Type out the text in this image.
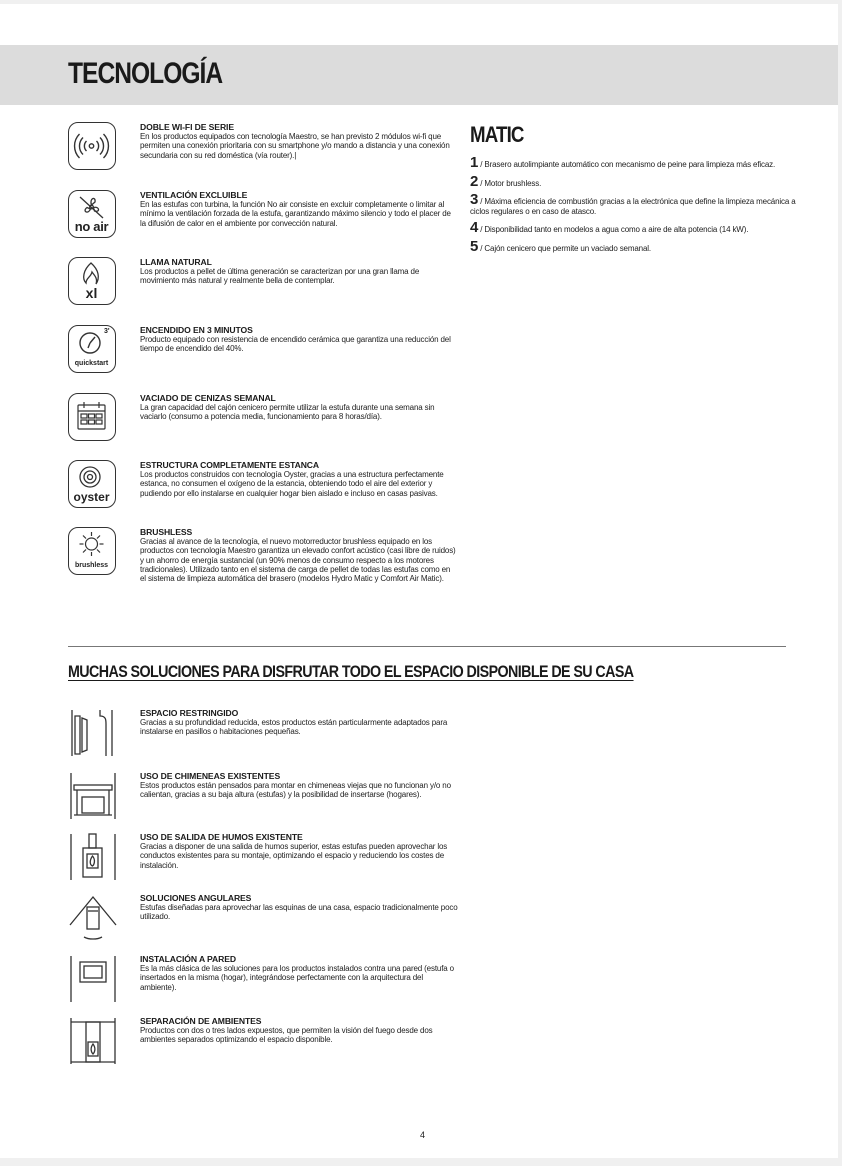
TECNOLOGÍA
DOBLE WI-FI DE SERIE
En los productos equipados con tecnología Maestro, se han previsto 2 módulos wi-fi que permiten una conexión prioritaria con su smartphone y/o mando a distancia y una conexión secundaria con su red doméstica (vía router).|
no air
VENTILACIÓN EXCLUIBLE
En las estufas con turbina, la función No air consiste en excluir completamente o limitar al mínimo la ventilación forzada de la estufa, garantizando máximo silencio y todo el placer de la difusión de calor en el ambiente por convección natural.
xl
LLAMA NATURAL
Los productos a pellet de última generación se caracterizan por una gran llama de movimiento más natural y realmente bella de contemplar.
3'
quickstart
ENCENDIDO EN 3 MINUTOS
Producto equipado con resistencia de encendido cerámica que garantiza una reducción del tiempo de encendido del 40%.
VACIADO DE CENIZAS SEMANAL
La gran capacidad del cajón cenicero permite utilizar la estufa durante una semana sin vaciarlo (consumo a potencia media, funcionamiento para 8 horas/día).
oyster
ESTRUCTURA COMPLETAMENTE ESTANCA
Los productos construidos con tecnología Oyster, gracias a una estructura perfectamente estanca, no consumen el oxígeno de la estancia, obteniendo todo el aire del exterior y pudiendo por ello instalarse en cualquier hogar bien aislado e incluso en casas pasivas.
brushless
BRUSHLESS
Gracias al avance de la tecnología, el nuevo motorreductor brushless equipado en los productos con tecnología Maestro garantiza un elevado confort acústico (casi libre de ruidos) y un ahorro de energía sustancial (un 90% menos de consumo respecto a los motores tradicionales). Utilizado tanto en el sistema de carga de pellet de todas las estufas como en el sistema de limpieza automática del brasero (modelos Hydro Matic y Comfort Air Matic).
MATIC
1 / Brasero autolimpiante automático con mecanismo de peine para limpieza más eficaz.
2 / Motor brushless.
3 / Máxima eficiencia de combustión gracias a la electrónica que define la limpieza mecánica a ciclos regulares o en caso de atasco.
4 / Disponibilidad tanto en modelos a agua como a aire de alta potencia (14 kW).
5 / Cajón cenicero que permite un vaciado semanal.
MUCHAS SOLUCIONES PARA DISFRUTAR TODO EL ESPACIO DISPONIBLE DE SU CASA
ESPACIO RESTRINGIDO
Gracias a su profundidad reducida, estos productos están particularmente adaptados para instalarse en pasillos o habitaciones pequeñas.
USO DE CHIMENEAS EXISTENTES
Estos productos están pensados para montar en chimeneas viejas que no funcionan y/o no calientan, gracias a su baja altura (estufas) y la posibilidad de insertarse (hogares).
USO DE SALIDA DE HUMOS EXISTENTE
Gracias a disponer de una salida de humos superior, estas estufas pueden aprovechar los conductos existentes para su montaje, optimizando el espacio y reduciendo los costes de instalación.
SOLUCIONES ANGULARES
Estufas diseñadas para aprovechar las esquinas de una casa, espacio tradicionalmente poco utilizado.
INSTALACIÓN A PARED
Es la más clásica de las soluciones para los productos instalados contra una pared (estufa o insertados en la misma (hogar), integrándose perfectamente con la arquitectura del ambiente).
SEPARACIÓN DE AMBIENTES
Productos con dos o tres lados expuestos, que permiten la visión del fuego desde dos ambientes separados optimizando el espacio disponible.
4
